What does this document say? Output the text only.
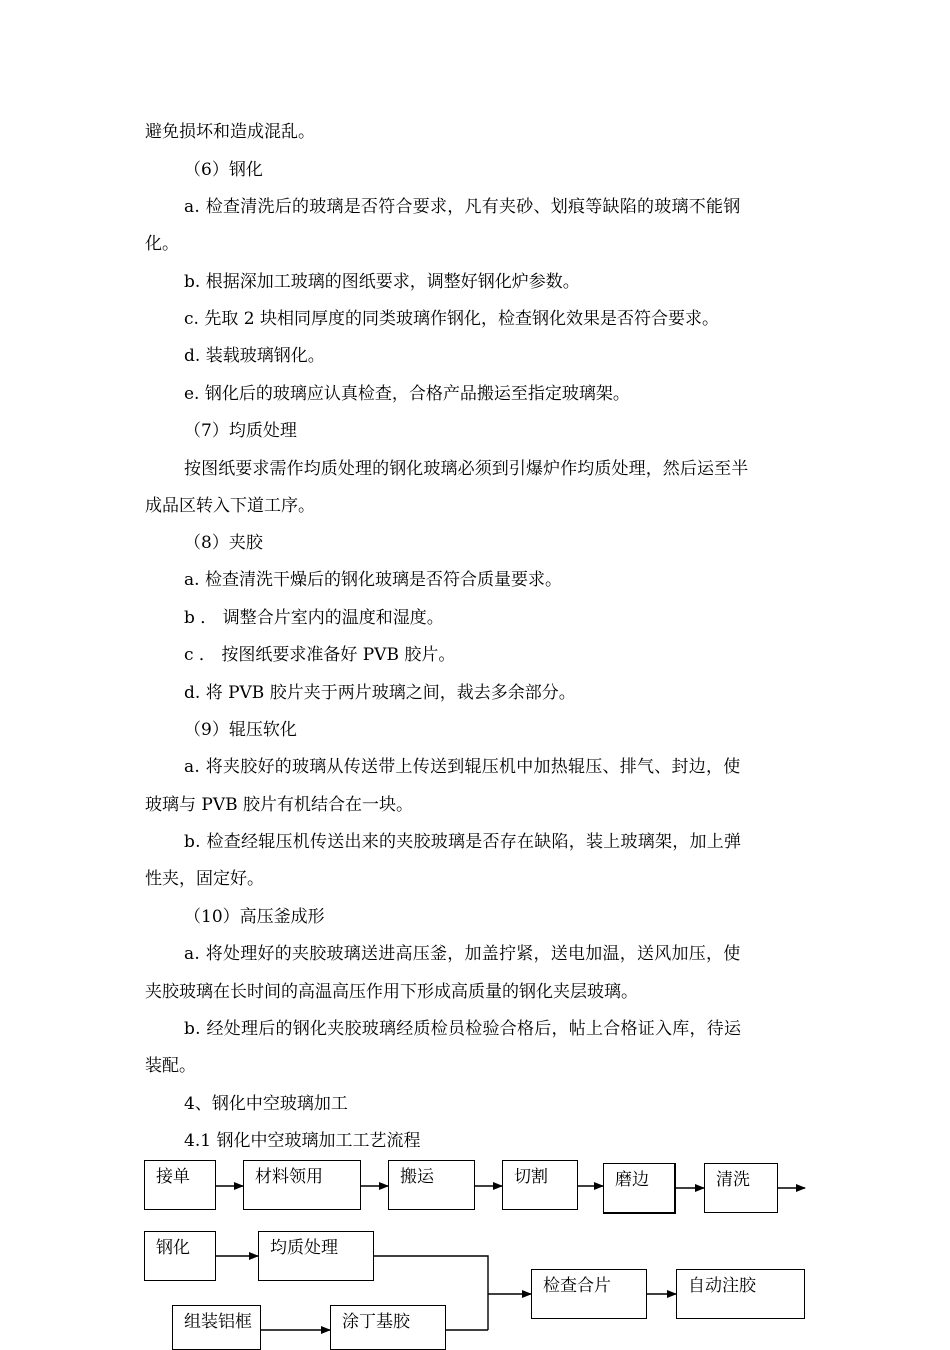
避免损坏和造成混乱。
（6）钢化
a. 检查清洗后的玻璃是否符合要求，凡有夹砂、划痕等缺陷的玻璃不能钢
化。
b. 根据深加工玻璃的图纸要求，调整好钢化炉参数。
c. 先取 2 块相同厚度的同类玻璃作钢化，检查钢化效果是否符合要求。
d. 装载玻璃钢化。
e. 钢化后的玻璃应认真检查，合格产品搬运至指定玻璃架。
（7）均质处理
按图纸要求需作均质处理的钢化玻璃必须到引爆炉作均质处理，然后运至半
成品区转入下道工序。
（8）夹胶
a. 检查清洗干燥后的钢化玻璃是否符合质量要求。
b ． 调整合片室内的温度和湿度。
c ． 按图纸要求准备好 PVB 胶片。
d. 将 PVB 胶片夹于两片玻璃之间，裁去多余部分。
（9）辊压软化
a. 将夹胶好的玻璃从传送带上传送到辊压机中加热辊压、排气、封边，使
玻璃与 PVB 胶片有机结合在一块。
b. 检查经辊压机传送出来的夹胶玻璃是否存在缺陷，装上玻璃架，加上弹
性夹，固定好。
（10）高压釜成形
a. 将处理好的夹胶玻璃送进高压釜，加盖拧紧，送电加温，送风加压，使
夹胶玻璃在长时间的高温高压作用下形成高质量的钢化夹层玻璃。
b. 经处理后的钢化夹胶玻璃经质检员检验合格后，帖上合格证入库，待运
装配。
4、钢化中空玻璃加工
4.1 钢化中空玻璃加工工艺流程
接单	材料领用	搬运	切割	磨边	清洗
钢化	均质处理
检查合片	自动注胶
组装铝框	涂丁基胶
